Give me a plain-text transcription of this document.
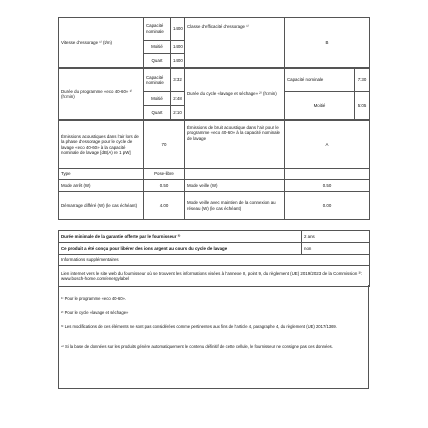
Vitesse d’essorage ¹⁾ (t/m)	Capacité nominale	1400	Classe d’efficacité d’essorage ¹⁾	B
	Moitié	1400		
	Quart	1400		
Durée du programme «eco 40-60» ¹⁾ (h:min)	Capacité nominale	3:32	Durée du cycle «lavage et séchage» ²⁾ (h:min)	Capacité nominale	7:30
	Moitié	2:48		Moitié	5:05
	Quart	2:10			
Émissions acoustiques dans l’air lors de la phase d’essorage pour le cycle de lavage «eco 40-60» à la capacité nominale de lavage [dB(A) re 1 pW]	70	Émissions de bruit acoustique dans l’air pour le programme «eco 40-60» à la capacité nominale de lavage	A
Type	Pose-libre		
Mode arrêt (W)	0.50	Mode veille (W)	0.50
Démarrage différé (W) (le cas échéant)	4.00	Mode veille avec maintien de la connexion au réseau (W) (le cas échéant)	0.00
Durée minimale de la garantie offerte par le fournisseur ³⁾	2 ans
Ce produit a été conçu pour libérer des ions argent au cours du cycle de lavage	non
Informations supplémentaires	
Lien internet vers le site web du fournisseur où se trouvent les informations visées à l’annexe II, point 9, du règlement (UE) 2019/2023 de la Commission ³⁾: www.bosch-home.com/energylabel	
¹⁾ Pour le programme «eco 40-60».
²⁾ Pour le cycle «lavage et séchage»
³⁾ Les modifications de ces éléments ne sont pas considérées comme pertinentes aux fins de l’article 4, paragraphe 4, du règlement (UE) 2017/1369.
⁴⁾ Si la base de données sur les produits génère automatiquement le contenu définitif de cette cellule, le fournisseur ne consigne pas ces données.
